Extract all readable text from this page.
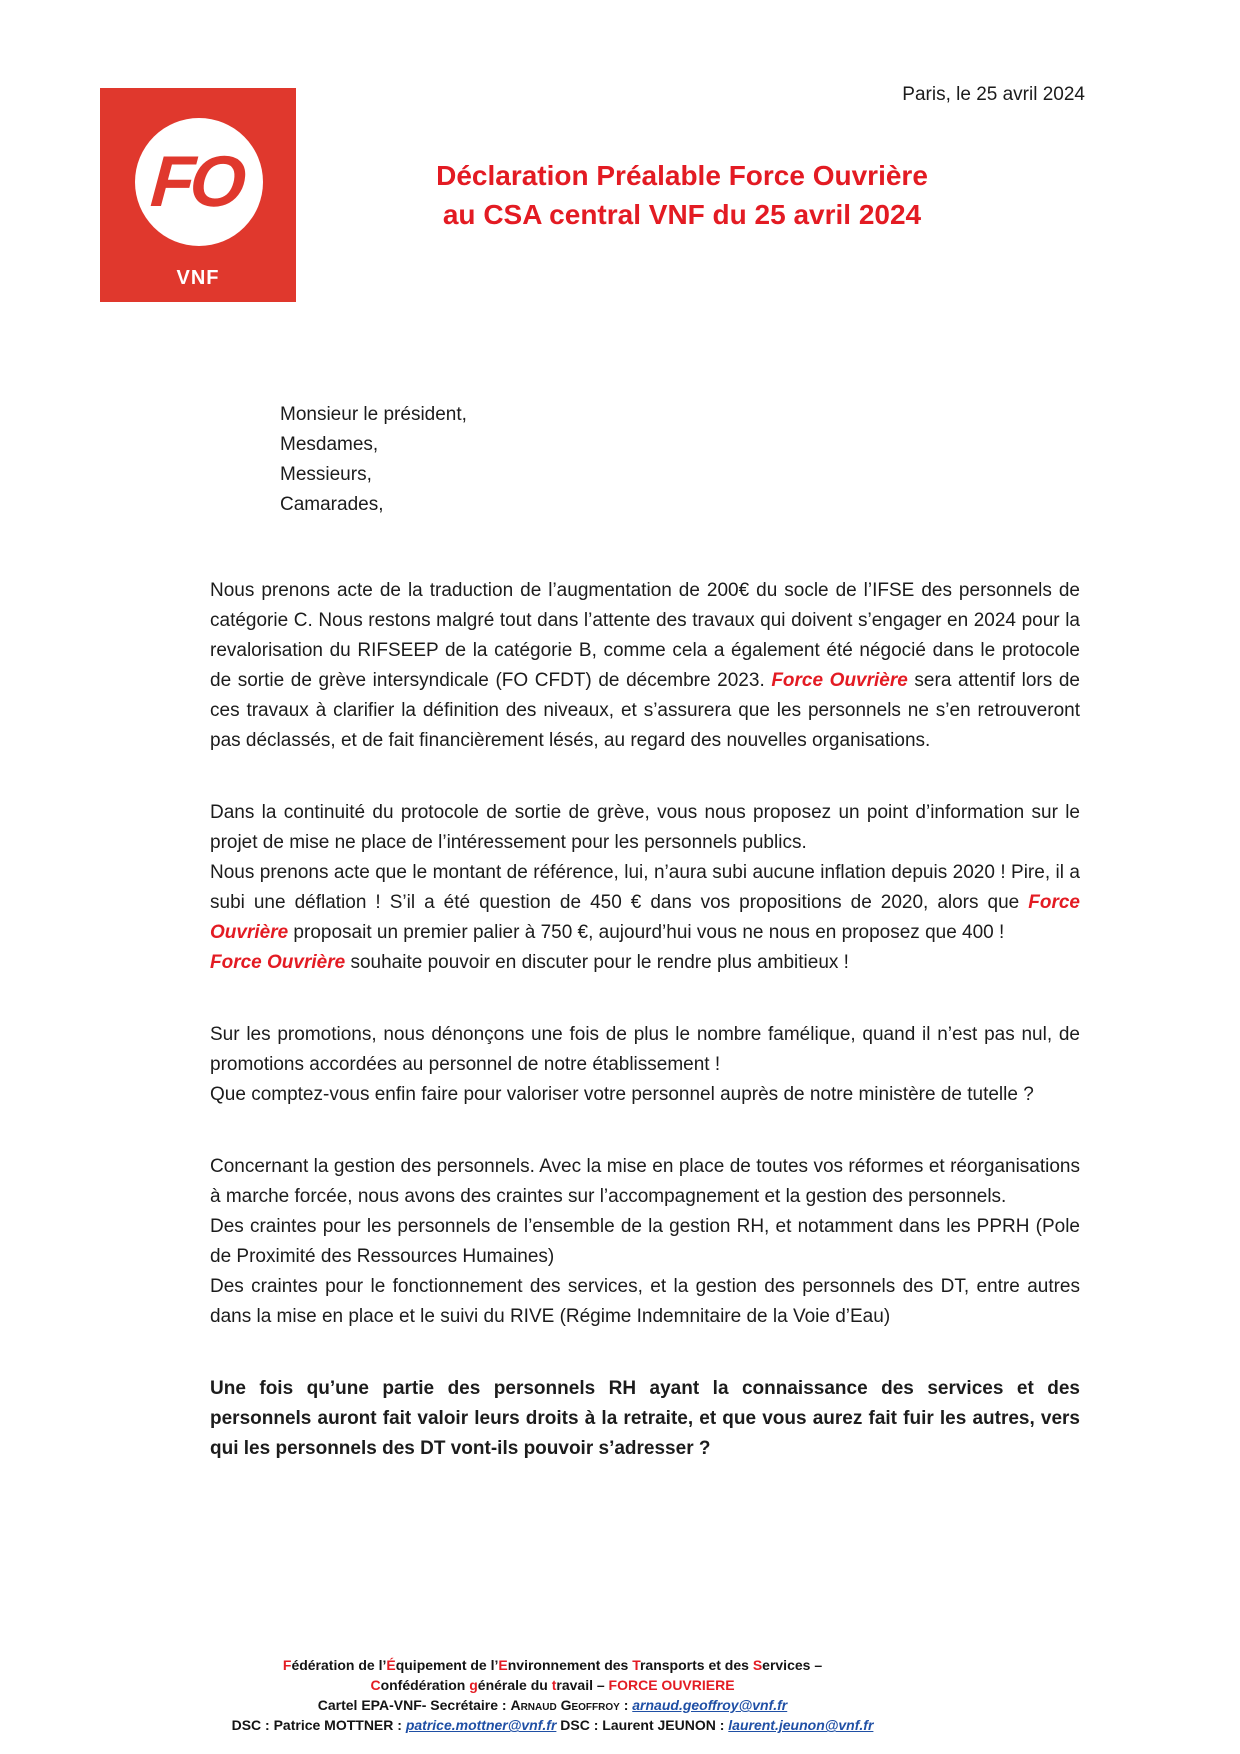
FO
VNF
Paris, le 25 avril 2024
Déclaration Préalable Force Ouvrière
au CSA central VNF du 25 avril 2024
Monsieur le président,
Mesdames,
Messieurs,
Camarades,

Nous prenons acte de la traduction de l’augmentation de 200€ du socle de l’IFSE des personnels de catégorie C. Nous restons malgré tout dans l’attente des travaux qui doivent s’engager en 2024 pour la revalorisation du RIFSEEP de la catégorie B, comme cela a également été négocié dans le protocole de sortie de grève intersyndicale (FO CFDT) de décembre 2023. Force Ouvrière sera attentif lors de ces travaux à clarifier la définition des niveaux, et s’assurera que les personnels ne s’en retrouveront pas déclassés, et de fait financièrement lésés, au regard des nouvelles organisations.

Dans la continuité du protocole de sortie de grève, vous nous proposez un point d’information sur le projet de mise ne place de l’intéressement pour les personnels publics.
Nous prenons acte que le montant de référence, lui, n’aura subi aucune inflation depuis 2020 ! Pire, il a subi une déflation ! S’il a été question de 450 € dans vos propositions de 2020, alors que Force Ouvrière proposait un premier palier à 750 €, aujourd’hui vous ne nous en proposez que 400 !
Force Ouvrière souhaite pouvoir en discuter pour le rendre plus ambitieux !

Sur les promotions, nous dénonçons une fois de plus le nombre famélique, quand il n’est pas nul, de promotions accordées au personnel de notre établissement !
Que comptez-vous enfin faire pour valoriser votre personnel auprès de notre ministère de tutelle ?

Concernant la gestion des personnels. Avec la mise en place de toutes vos réformes et réorganisations à marche forcée, nous avons des craintes sur l’accompagnement et la gestion des personnels.
Des craintes pour les personnels de l’ensemble de la gestion RH, et notamment dans les PPRH (Pole de Proximité des Ressources Humaines)
Des craintes pour le fonctionnement des services, et la gestion des personnels des DT, entre autres dans la mise en place et le suivi du RIVE (Régime Indemnitaire de la Voie d’Eau)

Une fois qu’une partie des personnels RH ayant la connaissance des services et des personnels auront fait valoir leurs droits à la retraite, et que vous aurez fait fuir les autres, vers qui les personnels des DT vont-ils pouvoir s’adresser ?

Fédération de l’Équipement de l’Environnement des Transports et des Services –
Confédération générale du travail – FORCE OUVRIERE
Cartel EPA-VNF- Secrétaire : Arnaud Geoffroy : arnaud.geoffroy@vnf.fr
DSC : Patrice MOTTNER : patrice.mottner@vnf.fr DSC : Laurent JEUNON : laurent.jeunon@vnf.fr
